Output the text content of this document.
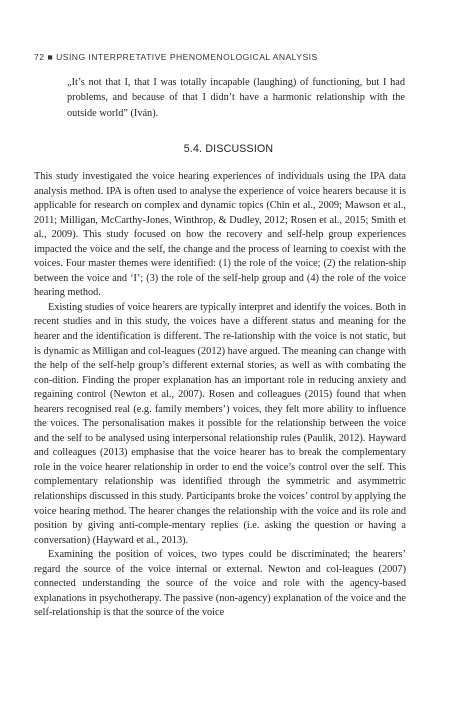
72 ■ USING INTERPRETATIVE PHENOMENOLOGICAL ANALYSIS
„It’s not that I, that I was totally incapable (laughing) of functioning, but I had problems, and because of that I didn’t have a harmonic relationship with the outside world” (Iván).
5.4. DISCUSSION

This study investigated the voice hearing experiences of individuals using the IPA data analysis method. IPA is often used to analyse the experience of voice hearers because it is applicable for research on complex and dynamic topics (Chin et al., 2009; Mawson et al., 2011; Milligan, McCarthy-Jones, Winthrop, & Dudley, 2012; Rosen et al., 2015; Smith et al., 2009). This study focused on how the recovery and self-help group experiences impacted the voice and the self, the change and the process of learning to coexist with the voices. Four master themes were identified: (1) the role of the voice; (2) the relation-ship between the voice and ‘I’; (3) the role of the self-help group and (4) the role of the voice hearing method.

Existing studies of voice hearers are typically interpret and identify the voices. Both in recent studies and in this study, the voices have a different status and meaning for the hearer and the identification is different. The re-lationship with the voice is not static, but is dynamic as Milligan and col-leagues (2012) have argued. The meaning can change with the help of the self-help group’s different external stories, as well as with combating the con-dition. Finding the proper explanation has an important role in reducing anxiety and regaining control (Newton et al., 2007). Rosen and colleagues (2015) found that when hearers recognised real (e.g. family members’) voices, they felt more ability to influence the voices. The personalisation makes it possible for the relationship between the voice and the self to be analysed using interpersonal relationship rules (Paulik, 2012). Hayward and colleagues (2013) emphasise that the voice hearer has to break the complementary role in the voice hearer relationship in order to end the voice’s control over the self. This complementary relationship was identified through the symmetric and asymmetric relationships discussed in this study. Participants broke the voices’ control by applying the voice hearing method. The hearer changes the relationship with the voice and its role and position by giving anti-comple-mentary replies (i.e. asking the question or having a conversation) (Hayward et al., 2013).

Examining the position of voices, two types could be discriminated; the hearers’ regard the source of the voice internal or external. Newton and col-leagues (2007) connected understanding the source of the voice and role with the agency-based explanations in psychotherapy. The passive (non-agency) explanation of the voice and the self-relationship is that the source of the voice
